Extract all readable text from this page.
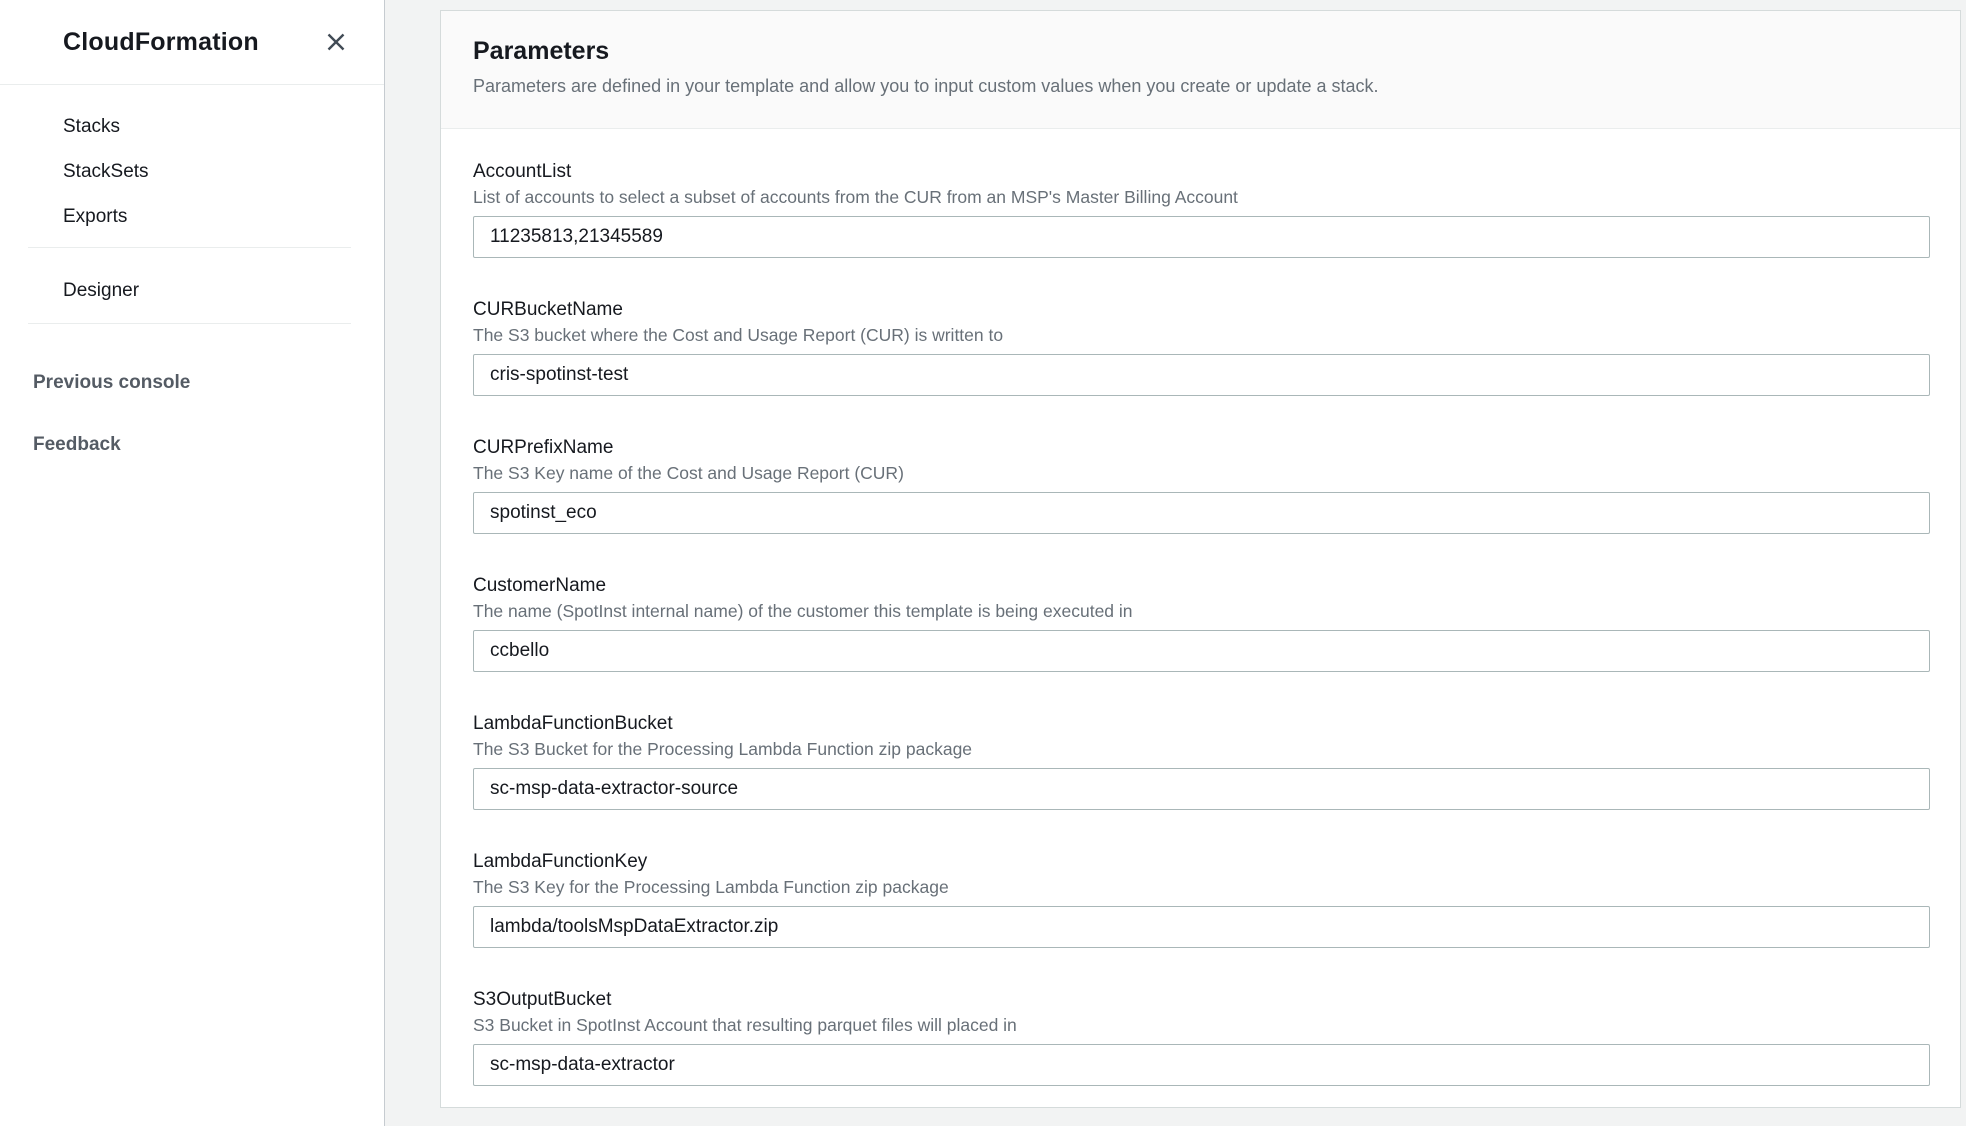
CloudFormation
Stacks
StackSets
Exports
Designer
Previous console
Feedback
Parameters

Parameters are defined in your template and allow you to input custom values when you create or update a stack.

AccountList
List of accounts to select a subset of accounts from the CUR from an MSP's Master Billing Account
11235813,21345589
CURBucketName
The S3 bucket where the Cost and Usage Report (CUR) is written to
cris-spotinst-test
CURPrefixName
The S3 Key name of the Cost and Usage Report (CUR)
spotinst_eco
CustomerName
The name (SpotInst internal name) of the customer this template is being executed in
ccbello
LambdaFunctionBucket
The S3 Bucket for the Processing Lambda Function zip package
sc-msp-data-extractor-source
LambdaFunctionKey
The S3 Key for the Processing Lambda Function zip package
lambda/toolsMspDataExtractor.zip
S3OutputBucket
S3 Bucket in SpotInst Account that resulting parquet files will placed in
sc-msp-data-extractor
